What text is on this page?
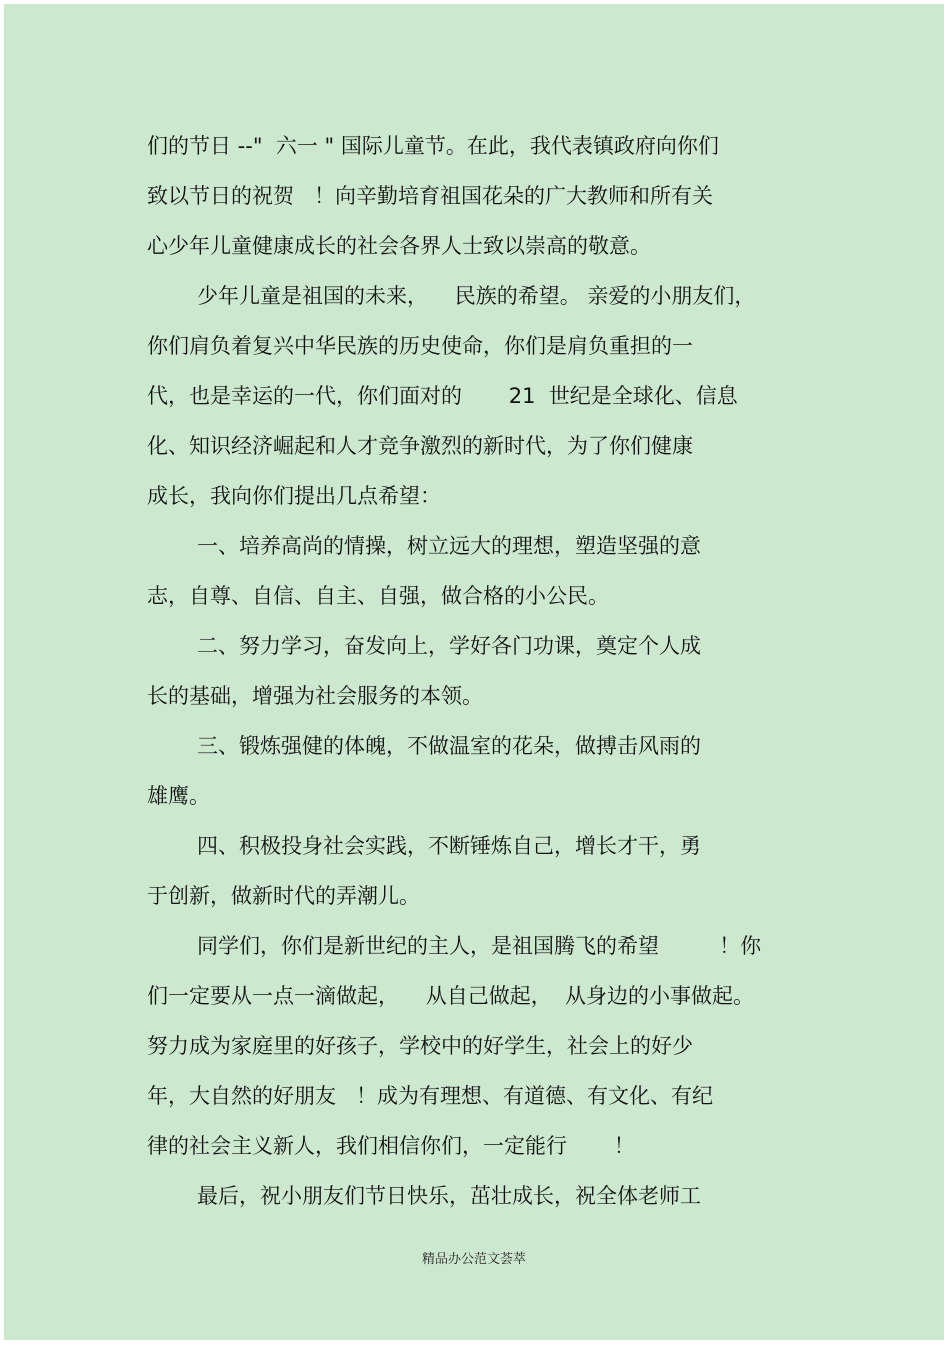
们的节日 --"  六一 " 国际儿童节。在此，我代表镇政府向你们
致以节日的祝贺   ！向辛勤培育祖国花朵的广大教师和所有关
心少年儿童健康成长的社会各界人士致以崇高的敬意。
少年儿童是祖国的未来，    民族的希望。 亲爱的小朋友们，
你们肩负着复兴中华民族的历史使命，你们是肩负重担的一
代，也是幸运的一代，你们面对的       21  世纪是全球化、信息
化、知识经济崛起和人才竞争激烈的新时代，为了你们健康
成长，我向你们提出几点希望：
一、培养高尚的情操，树立远大的理想，塑造坚强的意
志，自尊、自信、自主、自强，做合格的小公民。
二、努力学习，奋发向上，学好各门功课，奠定个人成
长的基础，增强为社会服务的本领。
三、锻炼强健的体魄，不做温室的花朵，做搏击风雨的
雄鹰。
四、积极投身社会实践，不断锤炼自己，增长才干，勇
于创新，做新时代的弄潮儿。
同学们，你们是新世纪的主人，是祖国腾飞的希望         ！你
们一定要从一点一滴做起，    从自己做起，  从身边的小事做起。
努力成为家庭里的好孩子，学校中的好学生，社会上的好少
年，大自然的好朋友   ！成为有理想、有道德、有文化、有纪
律的社会主义新人，我们相信你们，一定能行       ！
最后，祝小朋友们节日快乐，茁壮成长，祝全体老师工
精品办公范文荟萃
